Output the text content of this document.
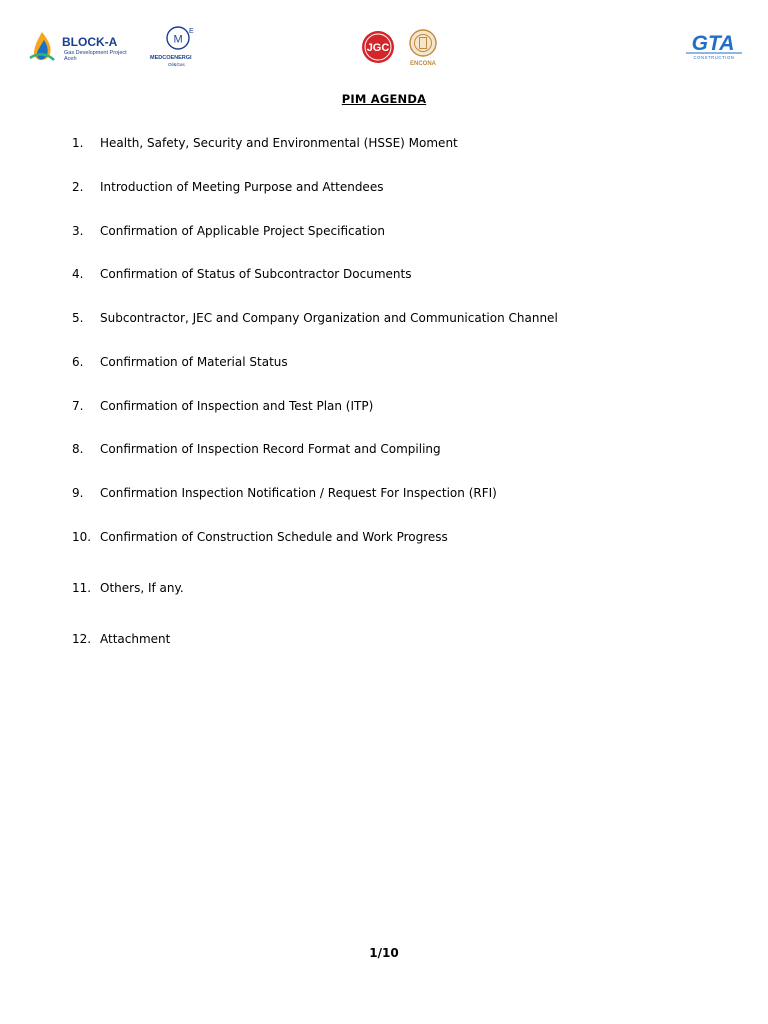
BLOCK-A
Gas Development Project
Aceh
M
E
MEDCOENERGI
Oil&Gas
JGC
ENCONA
GTA
CONSTRUCTION
PIM AGENDA
1.	Health, Safety, Security and Environmental (HSSE) Moment
2.	Introduction of Meeting Purpose and Attendees
3.	Confirmation of Applicable Project Specification
4.	Confirmation of Status of Subcontractor Documents
5.	Subcontractor, JEC and Company Organization and Communication Channel
6.	Confirmation of Material Status
7.	Confirmation of Inspection and Test Plan (ITP)
8.	Confirmation of Inspection Record Format and Compiling
9.	Confirmation Inspection Notification / Request For Inspection (RFI)
10. Confirmation of Construction Schedule and Work Progress
11. Others, If any.
12. Attachment
1/10
